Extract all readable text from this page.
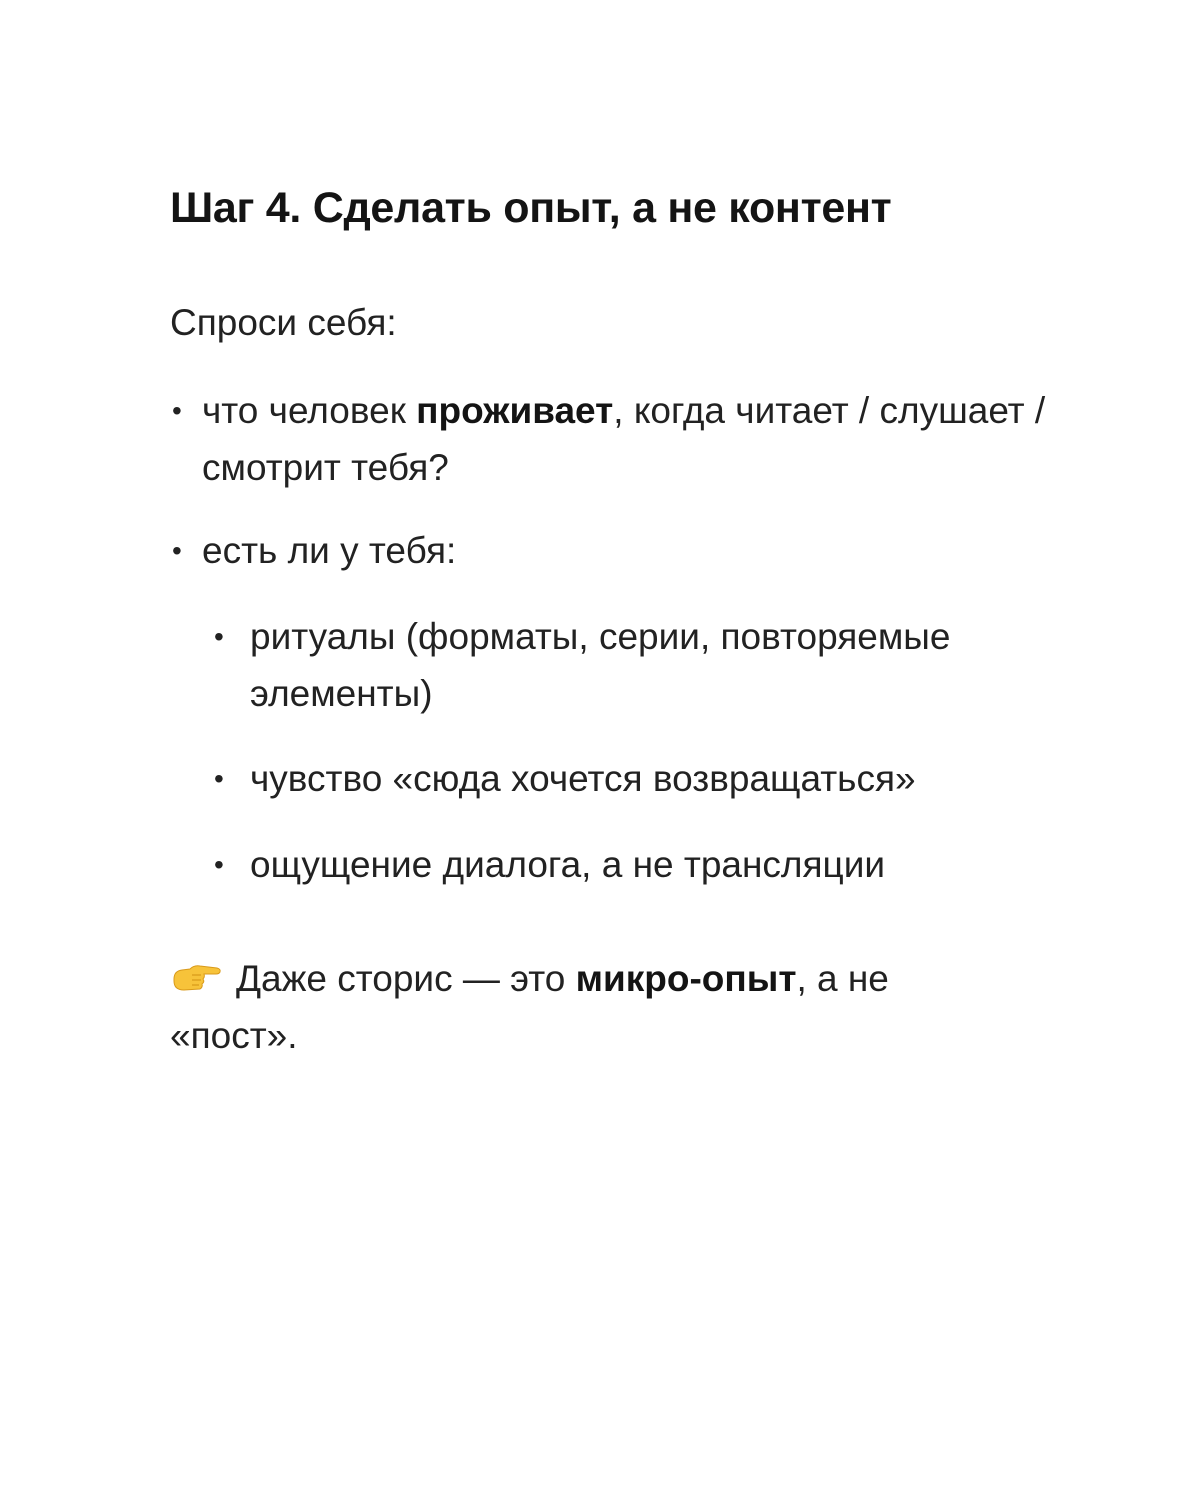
Шаг 4. Сделать опыт, а не контент

Спроси себя:

• что человек проживает, когда читает / слушает / смотрит тебя?
• есть ли у тебя:
• ритуалы (форматы, серии, повторяемые элементы)
• чувство «сюда хочется возвращаться»
• ощущение диалога, а не трансляции

Даже сторис — это микро-опыт, а не «пост».
